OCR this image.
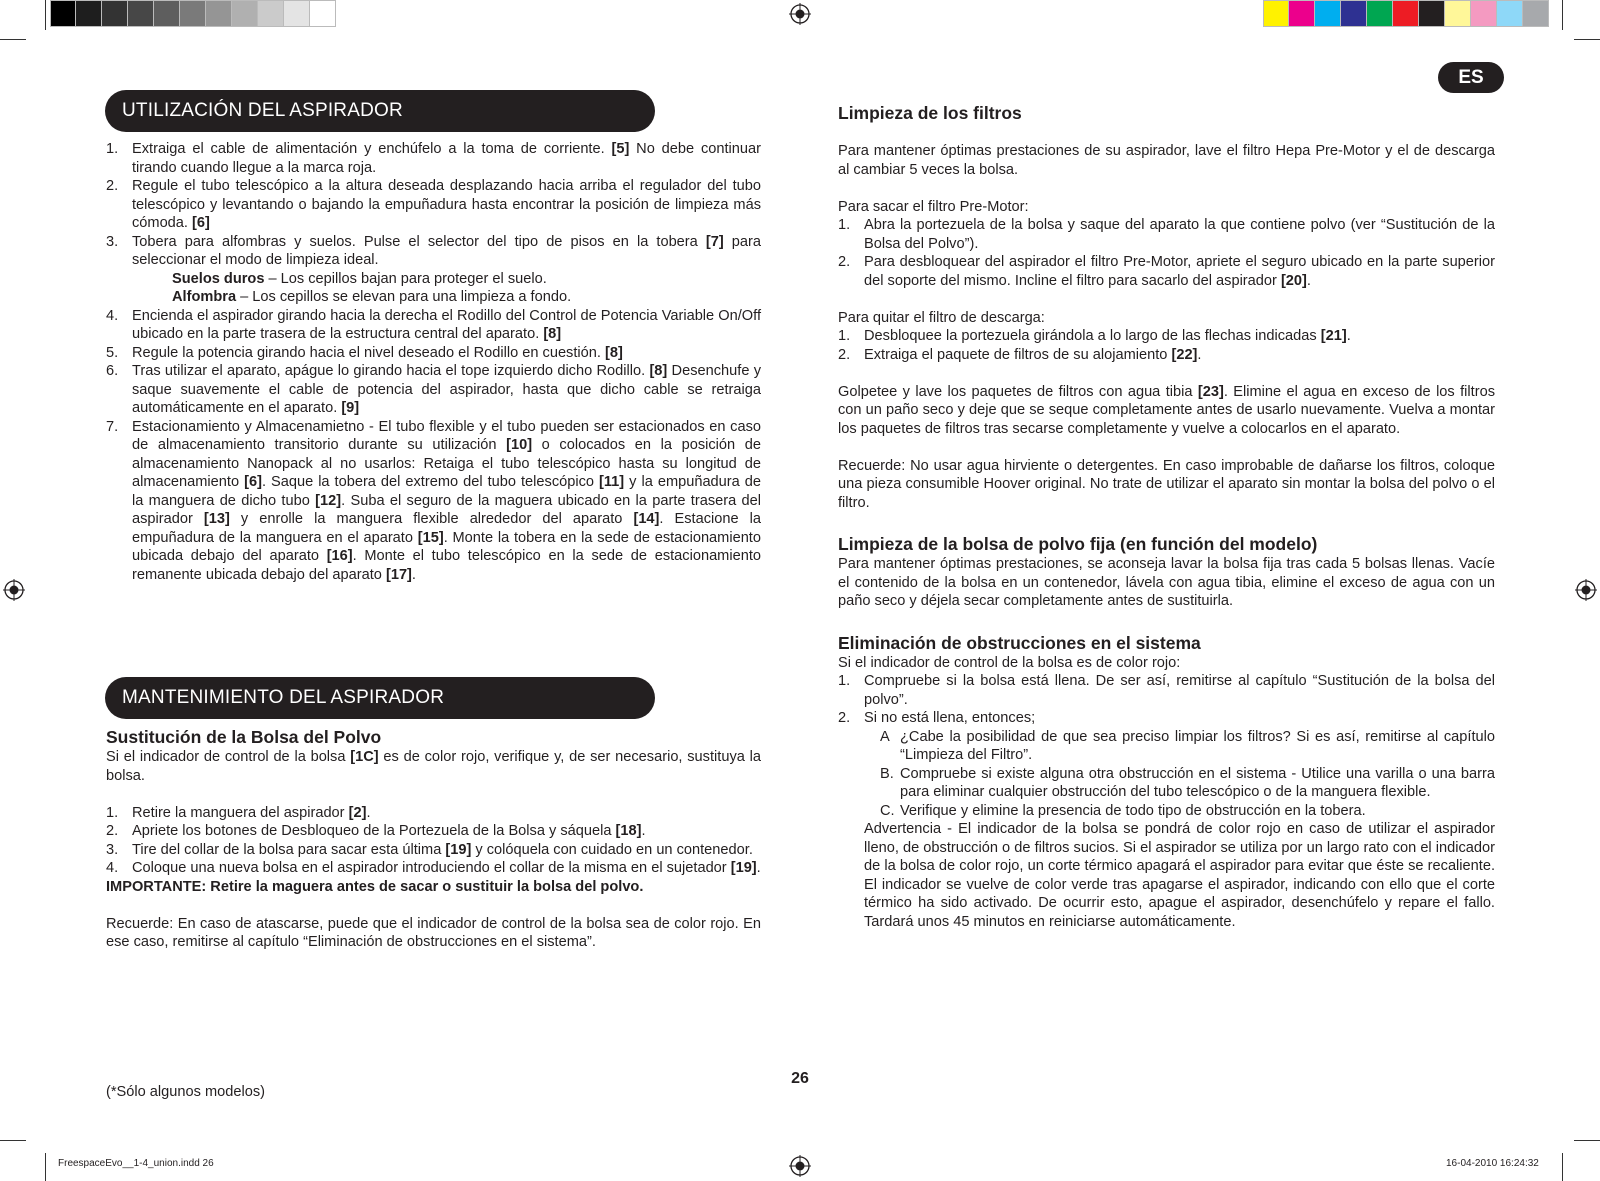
UTILIZACIÓN DEL ASPIRADOR
MANTENIMIENTO DEL ASPIRADOR
ES
1. Extraiga el cable de alimentación y enchúfelo a la toma de corriente. [5] No debe continuar tirando cuando llegue a la marca roja.
2. Regule el tubo telescópico a la altura deseada desplazando hacia arriba el regulador del tubo telescópico y levantando o bajando la empuñadura hasta encontrar la posición de limpieza más cómoda. [6]
3. Tobera para alfombras y suelos. Pulse el selector del tipo de pisos en la tobera [7] para seleccionar el modo de limpieza ideal.
Suelos duros – Los cepillos bajan para proteger el suelo.
Alfombra – Los cepillos se elevan para una limpieza a fondo.
4. Encienda el aspirador girando hacia la derecha el Rodillo del Control de Potencia Variable On/Off ubicado en la parte trasera de la estructura central del aparato. [8]
5. Regule la potencia girando hacia el nivel deseado el Rodillo en cuestión. [8]
6. Tras utilizar el aparato, apágue lo girando hacia el tope izquierdo dicho Rodillo. [8] Desenchufe y saque suavemente el cable de potencia del aspirador, hasta que dicho cable se retraiga automáticamente en el aparato. [9]
7. Estacionamiento y Almacenamietno - El tubo flexible y el tubo pueden ser estacionados en caso de almacenamiento transitorio durante su utilización [10] o colocados en la posición de almacenamiento Nanopack al no usarlos: Retaiga el tubo telescópico hasta su longitud de almacenamiento [6]. Saque la tobera del extremo del tubo telescópico [11] y la empuñadura de la manguera de dicho tubo [12]. Suba el seguro de la maguera ubicado en la parte trasera del aspirador [13] y enrolle la manguera flexible alrededor del aparato [14]. Estacione la empuñadura de la manguera en el aparato [15]. Monte la tobera en la sede de estacionamiento ubicada debajo del aparato [16]. Monte el tubo telescópico en la sede de estacionamiento remanente ubicada debajo del aparato [17].
Sustitución de la Bolsa del Polvo
Si el indicador de control de la bolsa [1C] es de color rojo, verifique y, de ser necesario, sustituya la bolsa.
1. Retire la manguera del aspirador [2].
2. Apriete los botones de Desbloqueo de la Portezuela de la Bolsa y sáquela [18].
3. Tire del collar de la bolsa para sacar esta última [19] y colóquela con cuidado en un contenedor.
4. Coloque una nueva bolsa en el aspirador introduciendo el collar de la misma en el sujetador [19].
IMPORTANTE: Retire la maguera antes de sacar o sustituir la bolsa del polvo.
Recuerde: En caso de atascarse, puede que el indicador de control de la bolsa sea de color rojo. En ese caso, remitirse al capítulo “Eliminación de obstrucciones en el sistema”.
Limpieza de los filtros
Para mantener óptimas prestaciones de su aspirador, lave el filtro Hepa Pre-Motor y el de descarga al cambiar 5 veces la bolsa.
Para sacar el filtro Pre-Motor:
1. Abra la portezuela de la bolsa y saque del aparato la que contiene polvo (ver “Sustitución de la Bolsa del Polvo”).
2. Para desbloquear del aspirador el filtro Pre-Motor, apriete el seguro ubicado en la parte superior del soporte del mismo. Incline el filtro para sacarlo del aspirador [20].
Para quitar el filtro de descarga:
1. Desbloquee la portezuela girándola a lo largo de las flechas indicadas [21].
2. Extraiga el paquete de filtros de su alojamiento [22].
Golpetee y lave los paquetes de filtros con agua tibia [23]. Elimine el agua en exceso de los filtros con un paño seco y deje que se seque completamente antes de usarlo nuevamente. Vuelva a montar los paquetes de filtros tras secarse completamente y vuelve a colocarlos en el aparato.
Recuerde: No usar agua hirviente o detergentes. En caso improbable de dañarse los filtros, coloque una pieza consumible Hoover original. No trate de utilizar el aparato sin montar la bolsa del polvo o el filtro.
Limpieza de la bolsa de polvo fija (en función del modelo)
Para mantener óptimas prestaciones, se aconseja lavar la bolsa fija tras cada 5 bolsas llenas. Vacíe el contenido de la bolsa en un contenedor, lávela con agua tibia, elimine el exceso de agua con un paño seco y déjela secar completamente antes de sustituirla.
Eliminación de obstrucciones en el sistema
Si el indicador de control de la bolsa es de color rojo:
1. Compruebe si la bolsa está llena. De ser así, remitirse al capítulo “Sustitución de la bolsa del polvo”.
2. Si no está llena, entonces;
A ¿Cabe la posibilidad de que sea preciso limpiar los filtros? Si es así, remitirse al capítulo “Limpieza del Filtro”.
B. Compruebe si existe alguna otra obstrucción en el sistema - Utilice una varilla o una barra para eliminar cualquier obstrucción del tubo telescópico o de la manguera flexible.
C. Verifique y elimine la presencia de todo tipo de obstrucción en la tobera.
Advertencia - El indicador de la bolsa se pondrá de color rojo en caso de utilizar el aspirador lleno, de obstrucción o de filtros sucios. Si el aspirador se utiliza por un largo rato con el indicador de la bolsa de color rojo, un corte térmico apagará el aspirador para evitar que éste se recaliente. El indicador se vuelve de color verde tras apagarse el aspirador, indicando con ello que el corte térmico ha sido activado. De ocurrir esto, apague el aspirador, desenchúfelo y repare el fallo. Tardará unos 45 minutos en reiniciarse automáticamente.
26
(*Sólo algunos modelos)
FreespaceEvo__1-4_union.indd 26	16-04-2010 16:24:32
